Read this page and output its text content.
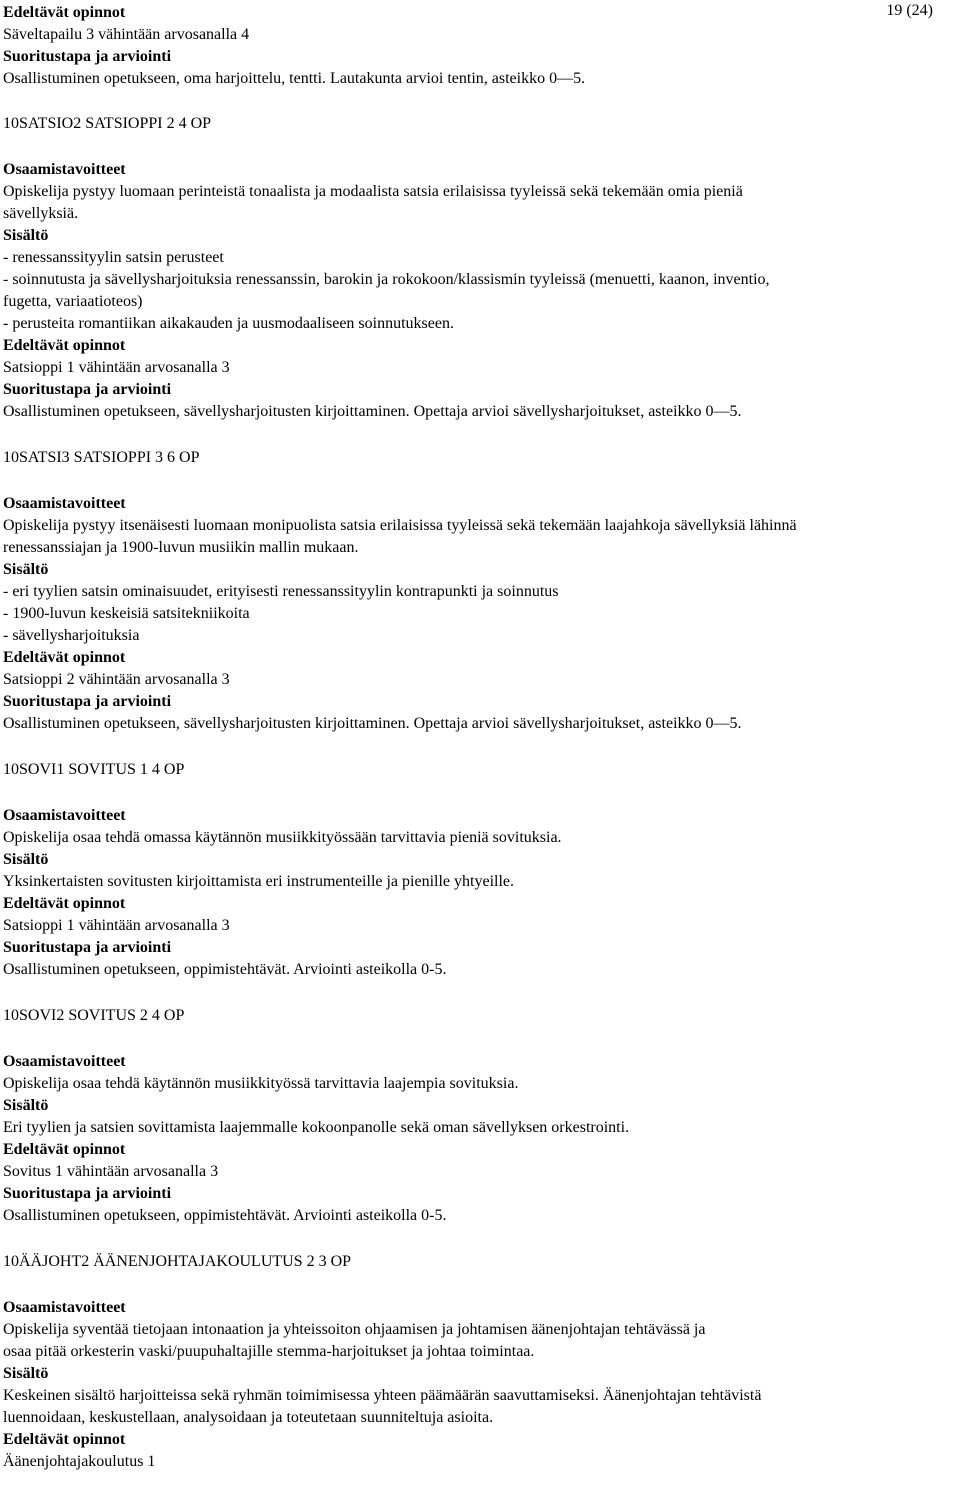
19 (24)
Edeltävät opinnot
Säveltapailu 3 vähintään arvosanalla 4
Suoritustapa ja arviointi
Osallistuminen opetukseen, oma harjoittelu, tentti. Lautakunta arvioi tentin, asteikko 0—5.
10SATSIO2 SATSIOPPI 2 4 OP
Osaamistavoitteet
Opiskelija pystyy luomaan perinteistä tonaalista ja modaalista satsia erilaisissa tyyleissä sekä tekemään omia pieniä
sävellyksiä.
Sisältö
- renessanssityylin satsin perusteet
- soinnutusta ja sävellysharjoituksia renessanssin, barokin ja rokokoon/klassismin tyyleissä (menuetti, kaanon, inventio,
fugetta, variaatioteos)
- perusteita romantiikan aikakauden ja uusmodaaliseen soinnutukseen.
Edeltävät opinnot
Satsioppi 1 vähintään arvosanalla 3
Suoritustapa ja arviointi
Osallistuminen opetukseen, sävellysharjoitusten kirjoittaminen. Opettaja arvioi sävellysharjoitukset, asteikko 0—5.
10SATSI3 SATSIOPPI 3 6 OP
Osaamistavoitteet
Opiskelija pystyy itsenäisesti luomaan monipuolista satsia erilaisissa tyyleissä sekä tekemään laajahkoja sävellyksiä lähinnä
renessanssiajan ja 1900-luvun musiikin mallin mukaan.
Sisältö
- eri tyylien satsin ominaisuudet, erityisesti renessanssityylin kontrapunkti ja soinnutus
- 1900-luvun keskeisiä satsitekniikoita
- sävellysharjoituksia
Edeltävät opinnot
Satsioppi 2 vähintään arvosanalla 3
Suoritustapa ja arviointi
Osallistuminen opetukseen, sävellysharjoitusten kirjoittaminen. Opettaja arvioi sävellysharjoitukset, asteikko 0—5.
10SOVI1 SOVITUS 1 4 OP
Osaamistavoitteet
Opiskelija osaa tehdä omassa käytännön musiikkityössään tarvittavia pieniä sovituksia.
Sisältö
Yksinkertaisten sovitusten kirjoittamista eri instrumenteille ja pienille yhtyeille.
Edeltävät opinnot
Satsioppi 1 vähintään arvosanalla 3
Suoritustapa ja arviointi
Osallistuminen opetukseen, oppimistehtävät. Arviointi asteikolla 0-5.
10SOVI2 SOVITUS 2 4 OP
Osaamistavoitteet
Opiskelija osaa tehdä käytännön musiikkityössä tarvittavia laajempia sovituksia.
Sisältö
Eri tyylien ja satsien sovittamista laajemmalle kokoonpanolle sekä oman sävellyksen orkestrointi.
Edeltävät opinnot
Sovitus 1 vähintään arvosanalla 3
Suoritustapa ja arviointi
Osallistuminen opetukseen, oppimistehtävät. Arviointi asteikolla 0-5.
10ÄÄJOHT2 ÄÄNENJOHTAJAKOULUTUS 2 3 OP
Osaamistavoitteet
Opiskelija syventää tietojaan intonaation ja yhteissoiton ohjaamisen ja johtamisen äänenjohtajan tehtävässä ja
osaa pitää orkesterin vaski/puupuhaltajille stemma-harjoitukset ja johtaa toimintaa.
Sisältö
Keskeinen sisältö harjoitteissa sekä ryhmän toimimisessa yhteen päämäärän saavuttamiseksi. Äänenjohtajan tehtävistä
luennoidaan, keskustellaan, analysoidaan ja toteutetaan suunniteltuja asioita.
Edeltävät opinnot
Äänenjohtajakoulutus 1
